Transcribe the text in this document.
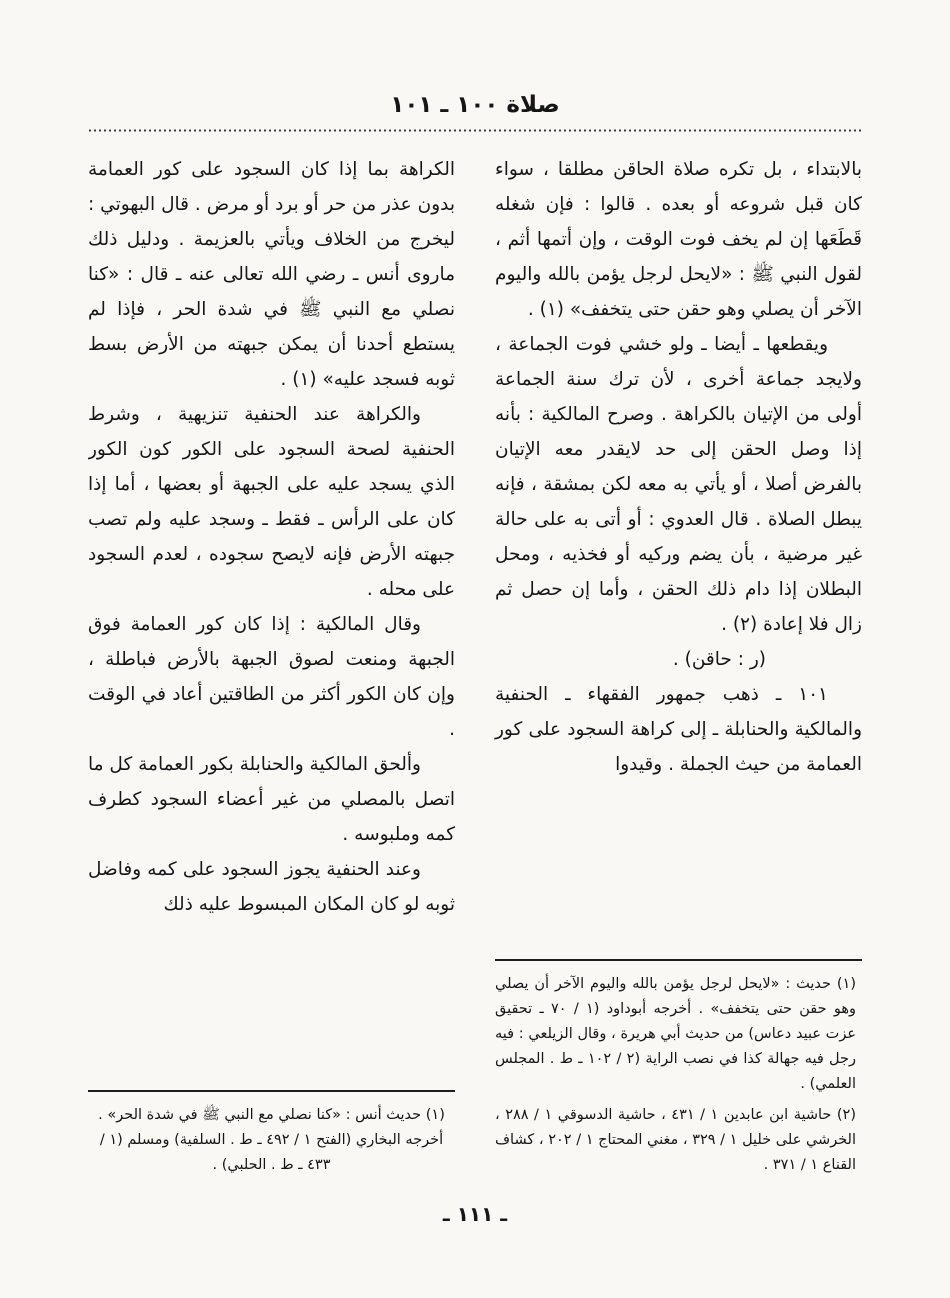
صلاة ١٠٠ ـ ١٠١

بالابتداء ، بل تكره صلاة الحاقن مطلقا ، سواء كان قبل شروعه أو بعده . قالوا : فإن شغله قَطَعَها إن لم يخف فوت الوقت ، وإن أتمها أثم ، لقول النبي ﷺ : «لايحل لرجل يؤمن بالله واليوم الآخر أن يصلي وهو حقن حتى يتخفف» (١) .

ويقطعها ـ أيضا ـ ولو خشي فوت الجماعة ، ولايجد جماعة أخرى ، لأن ترك سنة الجماعة أولى من الإتيان بالكراهة . وصرح المالكية : بأنه إذا وصل الحقن إلى حد لايقدر معه الإتيان بالفرض أصلا ، أو يأتي به معه لكن بمشقة ، فإنه يبطل الصلاة . قال العدوي : أو أتى به على حالة غير مرضية ، بأن يضم وركيه أو فخذيه ، ومحل البطلان إذا دام ذلك الحقن ، وأما إن حصل ثم زال فلا إعادة (٢) .

(ر : حاقن) .

١٠١ ـ ذهب جمهور الفقهاء ـ الحنفية والمالكية والحنابلة ـ إلى كراهة السجود على كور العمامة من حيث الجملة . وقيدوا

(١) حديث : «لايحل لرجل يؤمن بالله واليوم الآخر أن يصلي وهو حقن حتى يتخفف» . أخرجه أبوداود (١ / ٧٠ ـ تحقيق عزت عبيد دعاس) من حديث أبي هريرة ، وقال الزيلعي : فيه رجل فيه جهالة كذا في نصب الراية (٢ / ١٠٢ ـ ط . المجلس العلمي) .

(٢) حاشية ابن عابدين ١ / ٤٣١ ، حاشية الدسوقي ١ / ٢٨٨ ، الخرشي على خليل ١ / ٣٢٩ ، مغني المحتاج ١ / ٢٠٢ ، كشاف القناع ١ / ٣٧١ .

الكراهة بما إذا كان السجود على كور العمامة بدون عذر من حر أو برد أو مرض . قال البهوتي : ليخرج من الخلاف ويأتي بالعزيمة . ودليل ذلك ماروى أنس ـ رضي الله تعالى عنه ـ قال : «كنا نصلي مع النبي ﷺ في شدة الحر ، فإذا لم يستطع أحدنا أن يمكن جبهته من الأرض بسط ثوبه فسجد عليه» (١) .

والكراهة عند الحنفية تنزيهية ، وشرط الحنفية لصحة السجود على الكور كون الكور الذي يسجد عليه على الجبهة أو بعضها ، أما إذا كان على الرأس ـ فقط ـ وسجد عليه ولم تصب جبهته الأرض فإنه لايصح سجوده ، لعدم السجود على محله .

وقال المالكية : إذا كان كور العمامة فوق الجبهة ومنعت لصوق الجبهة بالأرض فباطلة ، وإن كان الكور أكثر من الطاقتين أعاد في الوقت .

وألحق المالكية والحنابلة بكور العمامة كل ما اتصل بالمصلي من غير أعضاء السجود كطرف كمه وملبوسه .

وعند الحنفية يجوز السجود على كمه وفاضل ثوبه لو كان المكان المبسوط عليه ذلك

(١) حديث أنس : «كنا نصلي مع النبي ﷺ في شدة الحر» . أخرجه البخاري (الفتح ١ / ٤٩٢ ـ ط . السلفية) ومسلم (١ / ٤٣٣ ـ ط . الحلبي) .

ـ ١١١ ـ
